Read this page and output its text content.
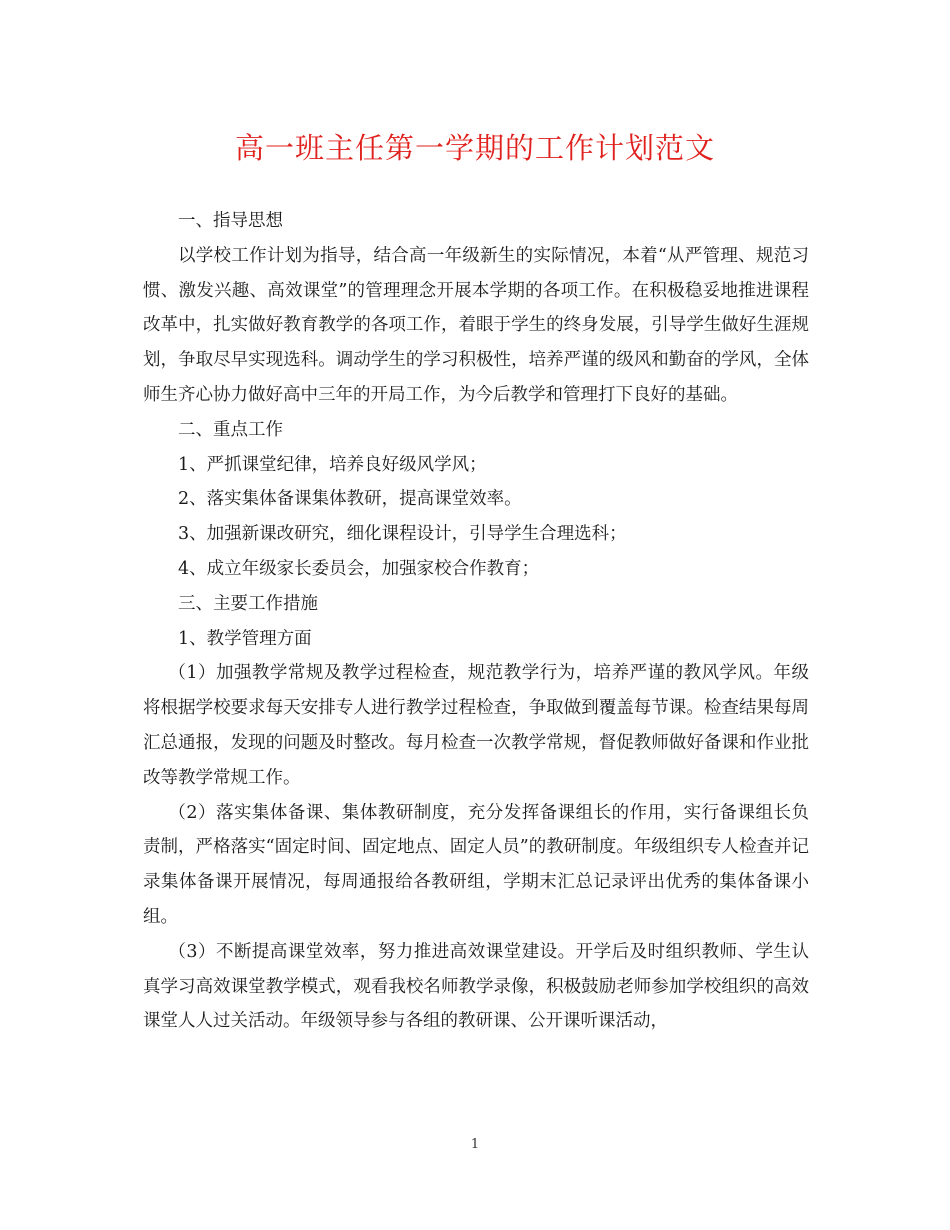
高一班主任第一学期的工作计划范文

一、指导思想

以学校工作计划为指导，结合高一年级新生的实际情况，本着“从严管理、规范习惯、激发兴趣、高效课堂”的管理理念开展本学期的各项工作。在积极稳妥地推进课程改革中，扎实做好教育教学的各项工作，着眼于学生的终身发展，引导学生做好生涯规划，争取尽早实现选科。调动学生的学习积极性，培养严谨的级风和勤奋的学风，全体师生齐心协力做好高中三年的开局工作，为今后教学和管理打下良好的基础。

二、重点工作

1、严抓课堂纪律，培养良好级风学风；

2、落实集体备课集体教研，提高课堂效率。

3、加强新课改研究，细化课程设计，引导学生合理选科；

4、成立年级家长委员会，加强家校合作教育；

三、主要工作措施

1、教学管理方面

（1）加强教学常规及教学过程检查，规范教学行为，培养严谨的教风学风。年级将根据学校要求每天安排专人进行教学过程检查，争取做到覆盖每节课。检查结果每周汇总通报，发现的问题及时整改。每月检查一次教学常规，督促教师做好备课和作业批改等教学常规工作。

（2）落实集体备课、集体教研制度，充分发挥备课组长的作用，实行备课组长负责制，严格落实“固定时间、固定地点、固定人员”的教研制度。年级组织专人检查并记录集体备课开展情况，每周通报给各教研组，学期末汇总记录评出优秀的集体备课小组。

（3）不断提高课堂效率，努力推进高效课堂建设。开学后及时组织教师、学生认真学习高效课堂教学模式，观看我校名师教学录像，积极鼓励老师参加学校组织的高效课堂人人过关活动。年级领导参与各组的教研课、公开课听课活动，

1
